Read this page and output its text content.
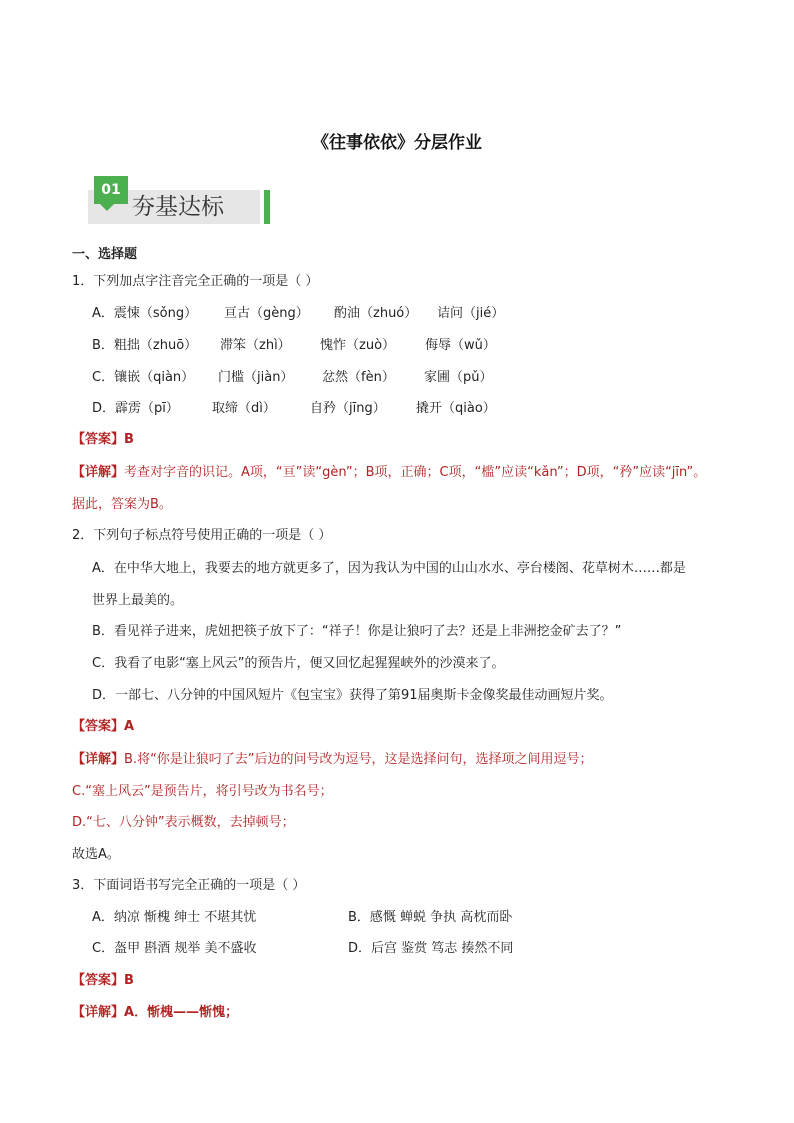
《往事依依》分层作业
01
夯基达标
一、选择题
1．下列加点字注音完全正确的一项是（ ）
A．震悚（sǒng） 亘古（gèng） 酌油（zhuó） 诘问（jié）
B．粗拙（zhuō） 滞笨（zhì） 愧怍（zuò） 侮辱（wǔ）
C．镶嵌（qiàn） 门槛（jiàn） 忿然（fèn） 家圃（pǔ）
D．霹雳（pī）	取缔（dì）	自矜（jīng） 撬开（qiào）
【答案】B
【详解】考查对字音的识记。A项，“亘”读“gèn”；B项，正确；C项，“槛”应读“kǎn”；D项，“矜”应读“jīn”。
据此，答案为B。
2．下列句子标点符号使用正确的一项是（ ）
A．在中华大地上，我要去的地方就更多了，因为我认为中国的山山水水、亭台楼阁、花草树木……都是
世界上最美的。
B．看见祥子进来，虎妞把筷子放下了：“祥子！你是让狼叼了去？还是上非洲挖金矿去了？”
C．我看了电影“塞上风云”的预告片，便又回忆起猩猩峡外的沙漠来了。
D．一部七、八分钟的中国风短片《包宝宝》获得了第91届奥斯卡金像奖最佳动画短片奖。
【答案】A
【详解】B.将“你是让狼叼了去”后边的问号改为逗号，这是选择问句，选择项之间用逗号；
C.“塞上风云”是预告片，将引号改为书名号；
D.“七、八分钟”表示概数，去掉顿号；
故选A。
3．下面词语书写完全正确的一项是（ ）
A．纳凉 惭槐 绅士 不堪其忧	B．感慨 蝉蜕 争执 高枕而卧
C．盔甲 斟酒 规举 美不盛收	D．后宫 鉴赏 笃志 揍然不同
【答案】B
【详解】A．惭槐——惭愧；
